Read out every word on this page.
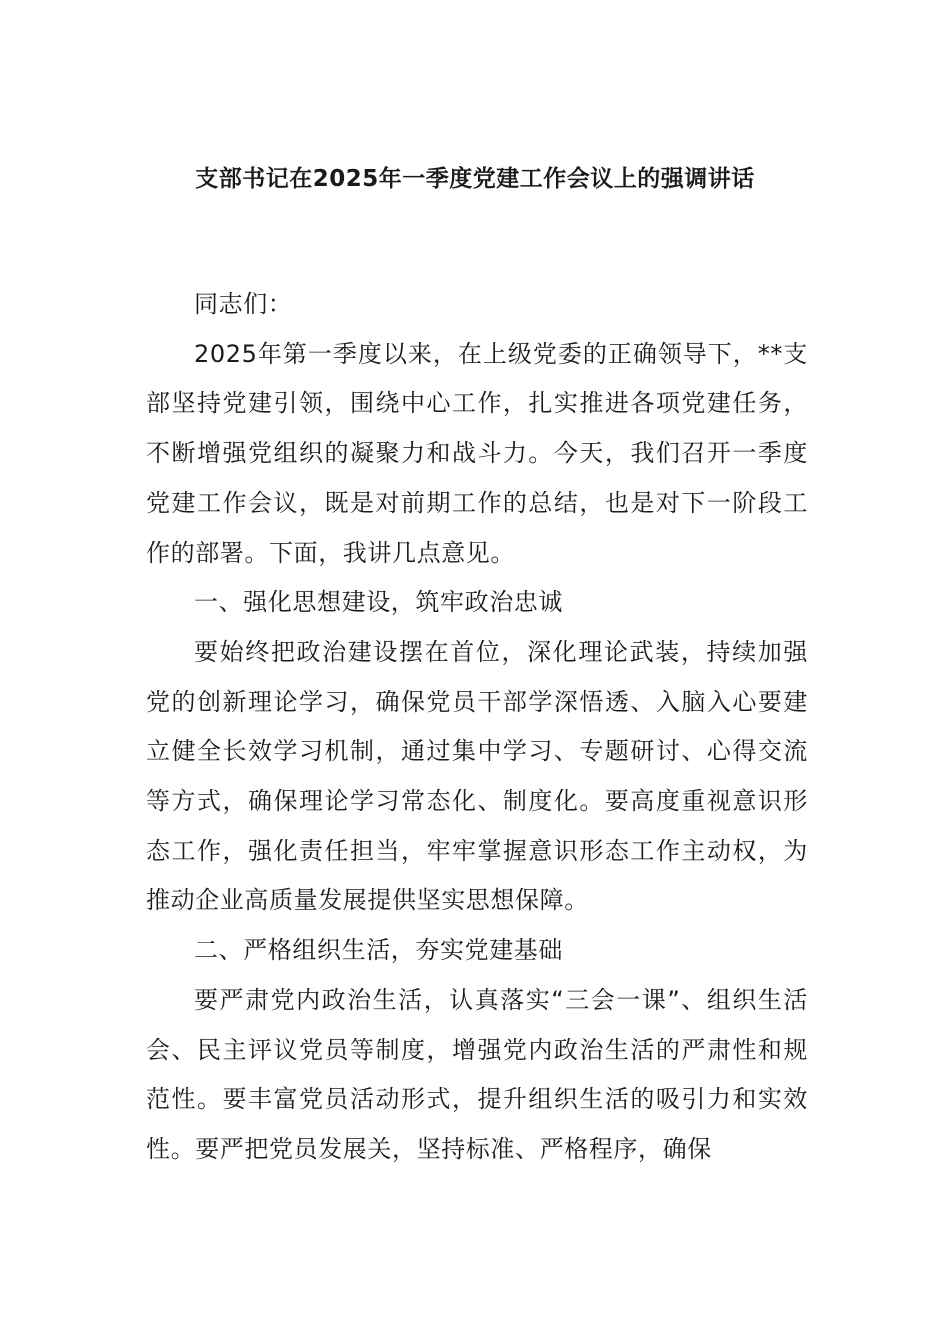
支部书记在2025年一季度党建工作会议上的强调讲话

同志们：

2025年第一季度以来，在上级党委的正确领导下，**支部坚持党建引领，围绕中心工作，扎实推进各项党建任务，不断增强党组织的凝聚力和战斗力。今天，我们召开一季度党建工作会议，既是对前期工作的总结，也是对下一阶段工作的部署。下面，我讲几点意见。

一、强化思想建设，筑牢政治忠诚

要始终把政治建设摆在首位，深化理论武装，持续加强党的创新理论学习，确保党员干部学深悟透、入脑入心要建立健全长效学习机制，通过集中学习、专题研讨、心得交流等方式，确保理论学习常态化、制度化。要高度重视意识形态工作，强化责任担当，牢牢掌握意识形态工作主动权，为推动企业高质量发展提供坚实思想保障。

二、严格组织生活，夯实党建基础

要严肃党内政治生活，认真落实“三会一课”、组织生活会、民主评议党员等制度，增强党内政治生活的严肃性和规范性。要丰富党员活动形式，提升组织生活的吸引力和实效性。要严把党员发展关，坚持标准、严格程序，确保
